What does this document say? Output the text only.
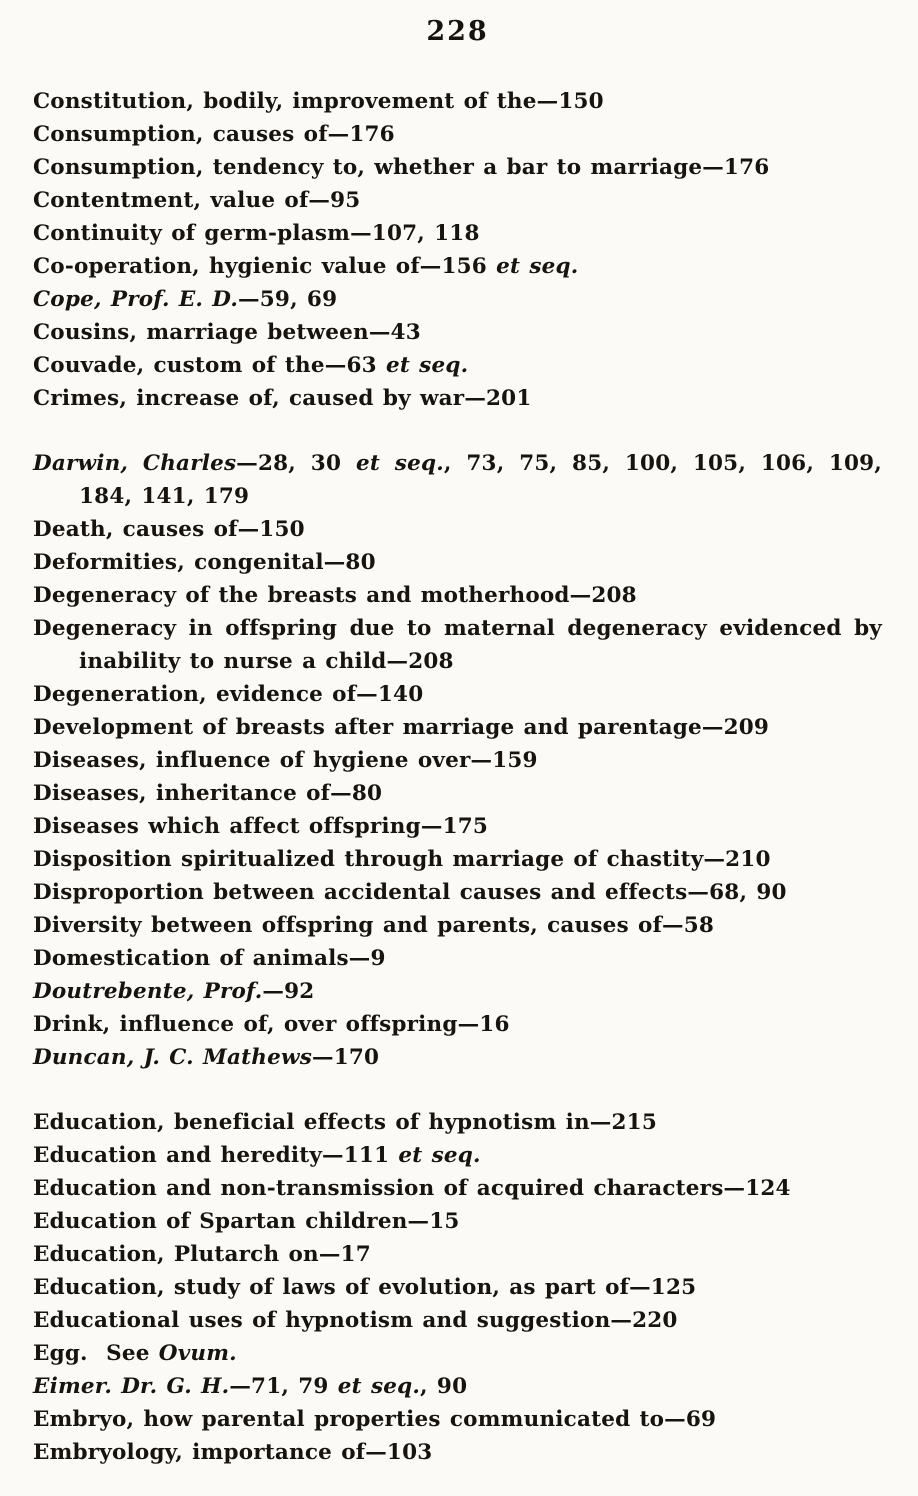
228
Constitution, bodily, improvement of the—150
Consumption, causes of—176
Consumption, tendency to, whether a bar to marriage—176
Contentment, value of—95
Continuity of germ-plasm—107, 118
Co-operation, hygienic value of—156 et seq.
Cope, Prof. E. D.—59, 69
Cousins, marriage between—43
Couvade, custom of the—63 et seq.
Crimes, increase of, caused by war—201
Darwin, Charles—28, 30 et seq., 73, 75, 85, 100, 105, 106, 109, 184, 141, 179
Death, causes of—150
Deformities, congenital—80
Degeneracy of the breasts and motherhood—208
Degeneracy in offspring due to maternal degeneracy evidenced by inability to nurse a child—208
Degeneration, evidence of—140
Development of breasts after marriage and parentage—209
Diseases, influence of hygiene over—159
Diseases, inheritance of—80
Diseases which affect offspring—175
Disposition spiritualized through marriage of chastity—210
Disproportion between accidental causes and effects—68, 90
Diversity between offspring and parents, causes of—58
Domestication of animals—9
Doutrebente, Prof.—92
Drink, influence of, over offspring—16
Duncan, J. C. Mathews—170
Education, beneficial effects of hypnotism in—215
Education and heredity—111 et seq.
Education and non-transmission of acquired characters—124
Education of Spartan children—15
Education, Plutarch on—17
Education, study of laws of evolution, as part of—125
Educational uses of hypnotism and suggestion—220
Egg.  See Ovum.
Eimer. Dr. G. H.—71, 79 et seq., 90
Embryo, how parental properties communicated to—69
Embryology, importance of—103
